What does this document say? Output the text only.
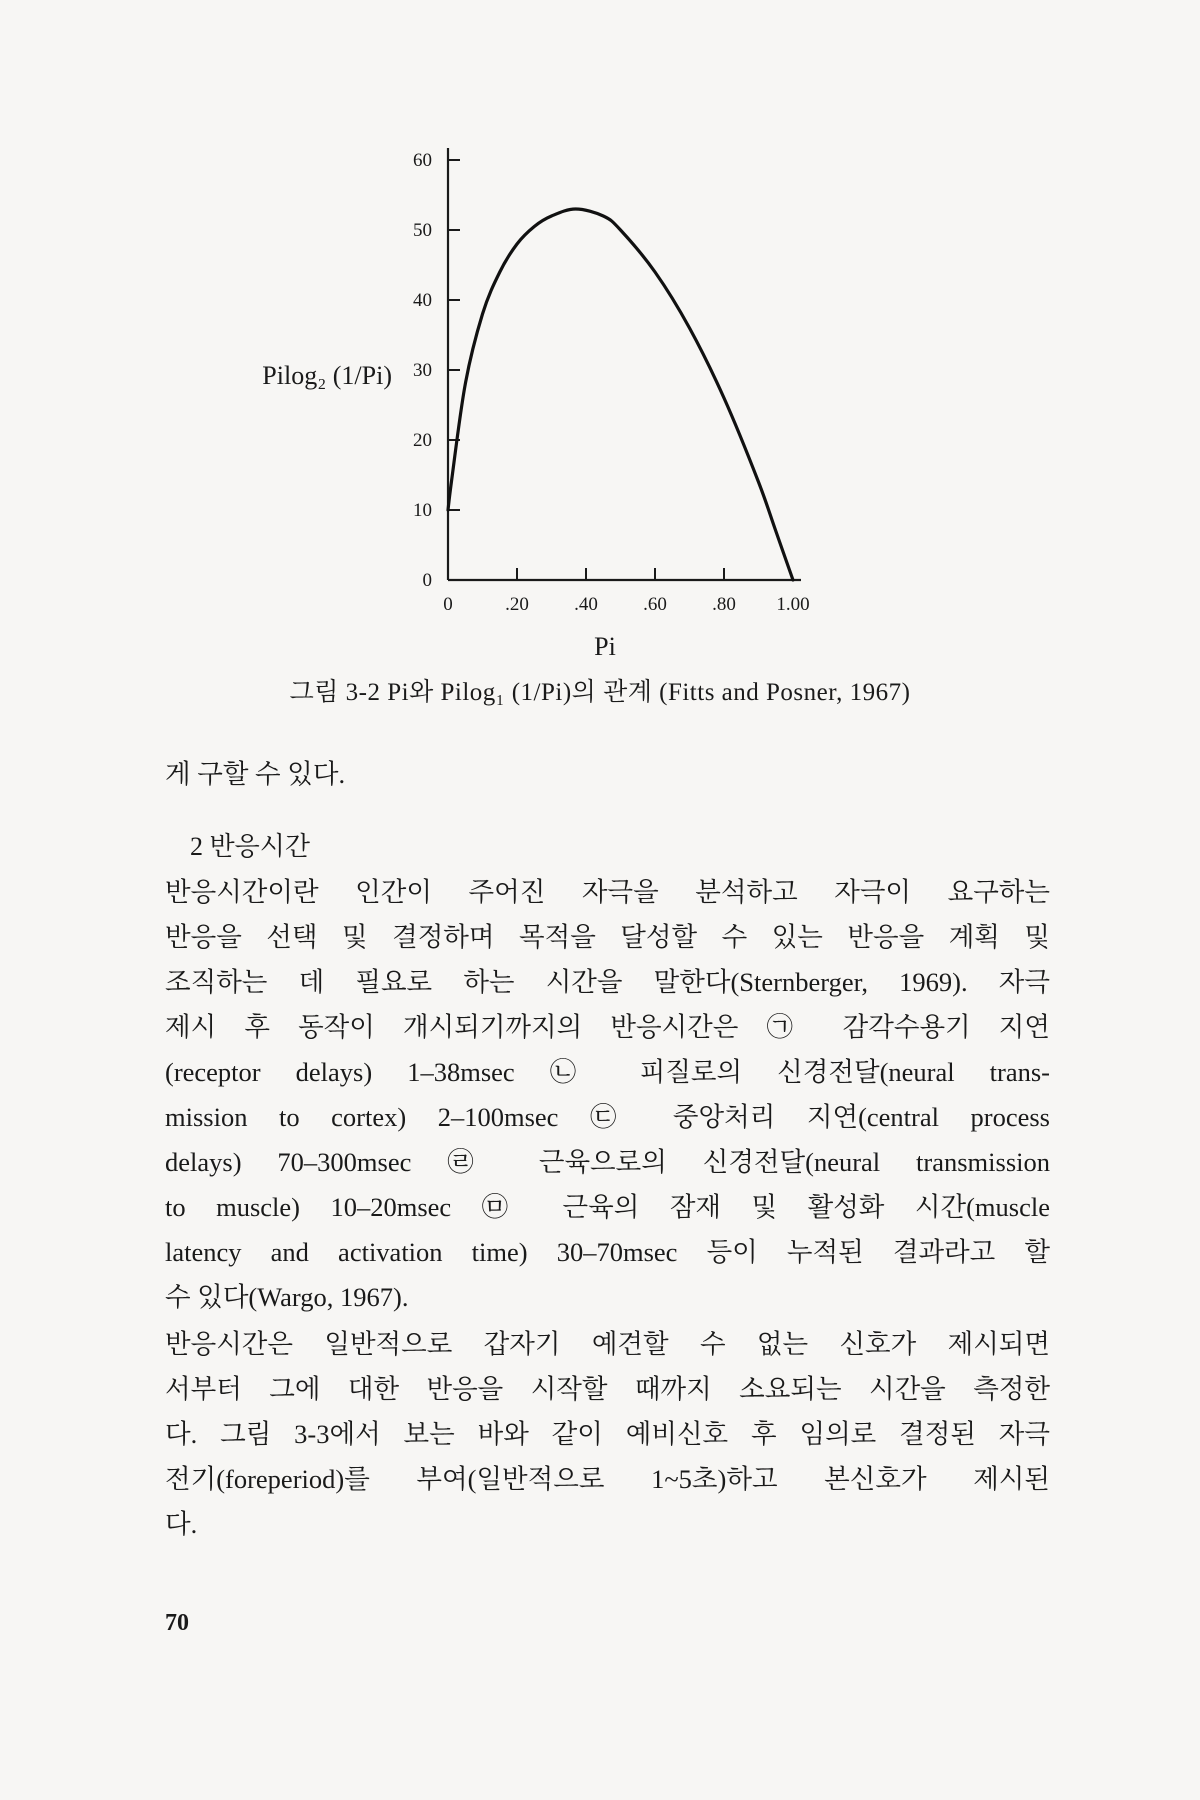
60
50
40
30
20
10
0
0	.20 .40 .60 .80 1.00
Pilog₂ (1/Pi)
Pi
그림 3-2 Pi와 Pilog₁ (1/Pi)의 관계 (Fitts and Posner, 1967)
게 구할 수 있다.
2 반응시간
반응시간이란 인간이 주어진 자극을 분석하고 자극이 요구하는
반응을 선택 및 결정하며 목적을 달성할 수 있는 반응을 계획 및
조직하는 데 필요로 하는 시간을 말한다(Sternberger, 1969). 자극
제시 후 동작이 개시되기까지의 반응시간은 ㉠ 감각수용기 지연
(receptor delays) 1–38msec ㉡ 피질로의 신경전달(neural trans-
mission to cortex) 2–100msec ㉢ 중앙처리 지연(central process
delays) 70–300msec ㉣ 근육으로의 신경전달(neural transmission
to muscle) 10–20msec ㉤ 근육의 잠재 및 활성화 시간(muscle
latency and activation time) 30–70msec 등이 누적된 결과라고 할
수 있다(Wargo, 1967).
반응시간은 일반적으로 갑자기 예견할 수 없는 신호가 제시되면
서부터 그에 대한 반응을 시작할 때까지 소요되는 시간을 측정한
다. 그림 3-3에서 보는 바와 같이 예비신호 후 임의로 결정된 자극
전기(foreperiod)를 부여(일반적으로 1~5초)하고 본신호가 제시된
다.
70
